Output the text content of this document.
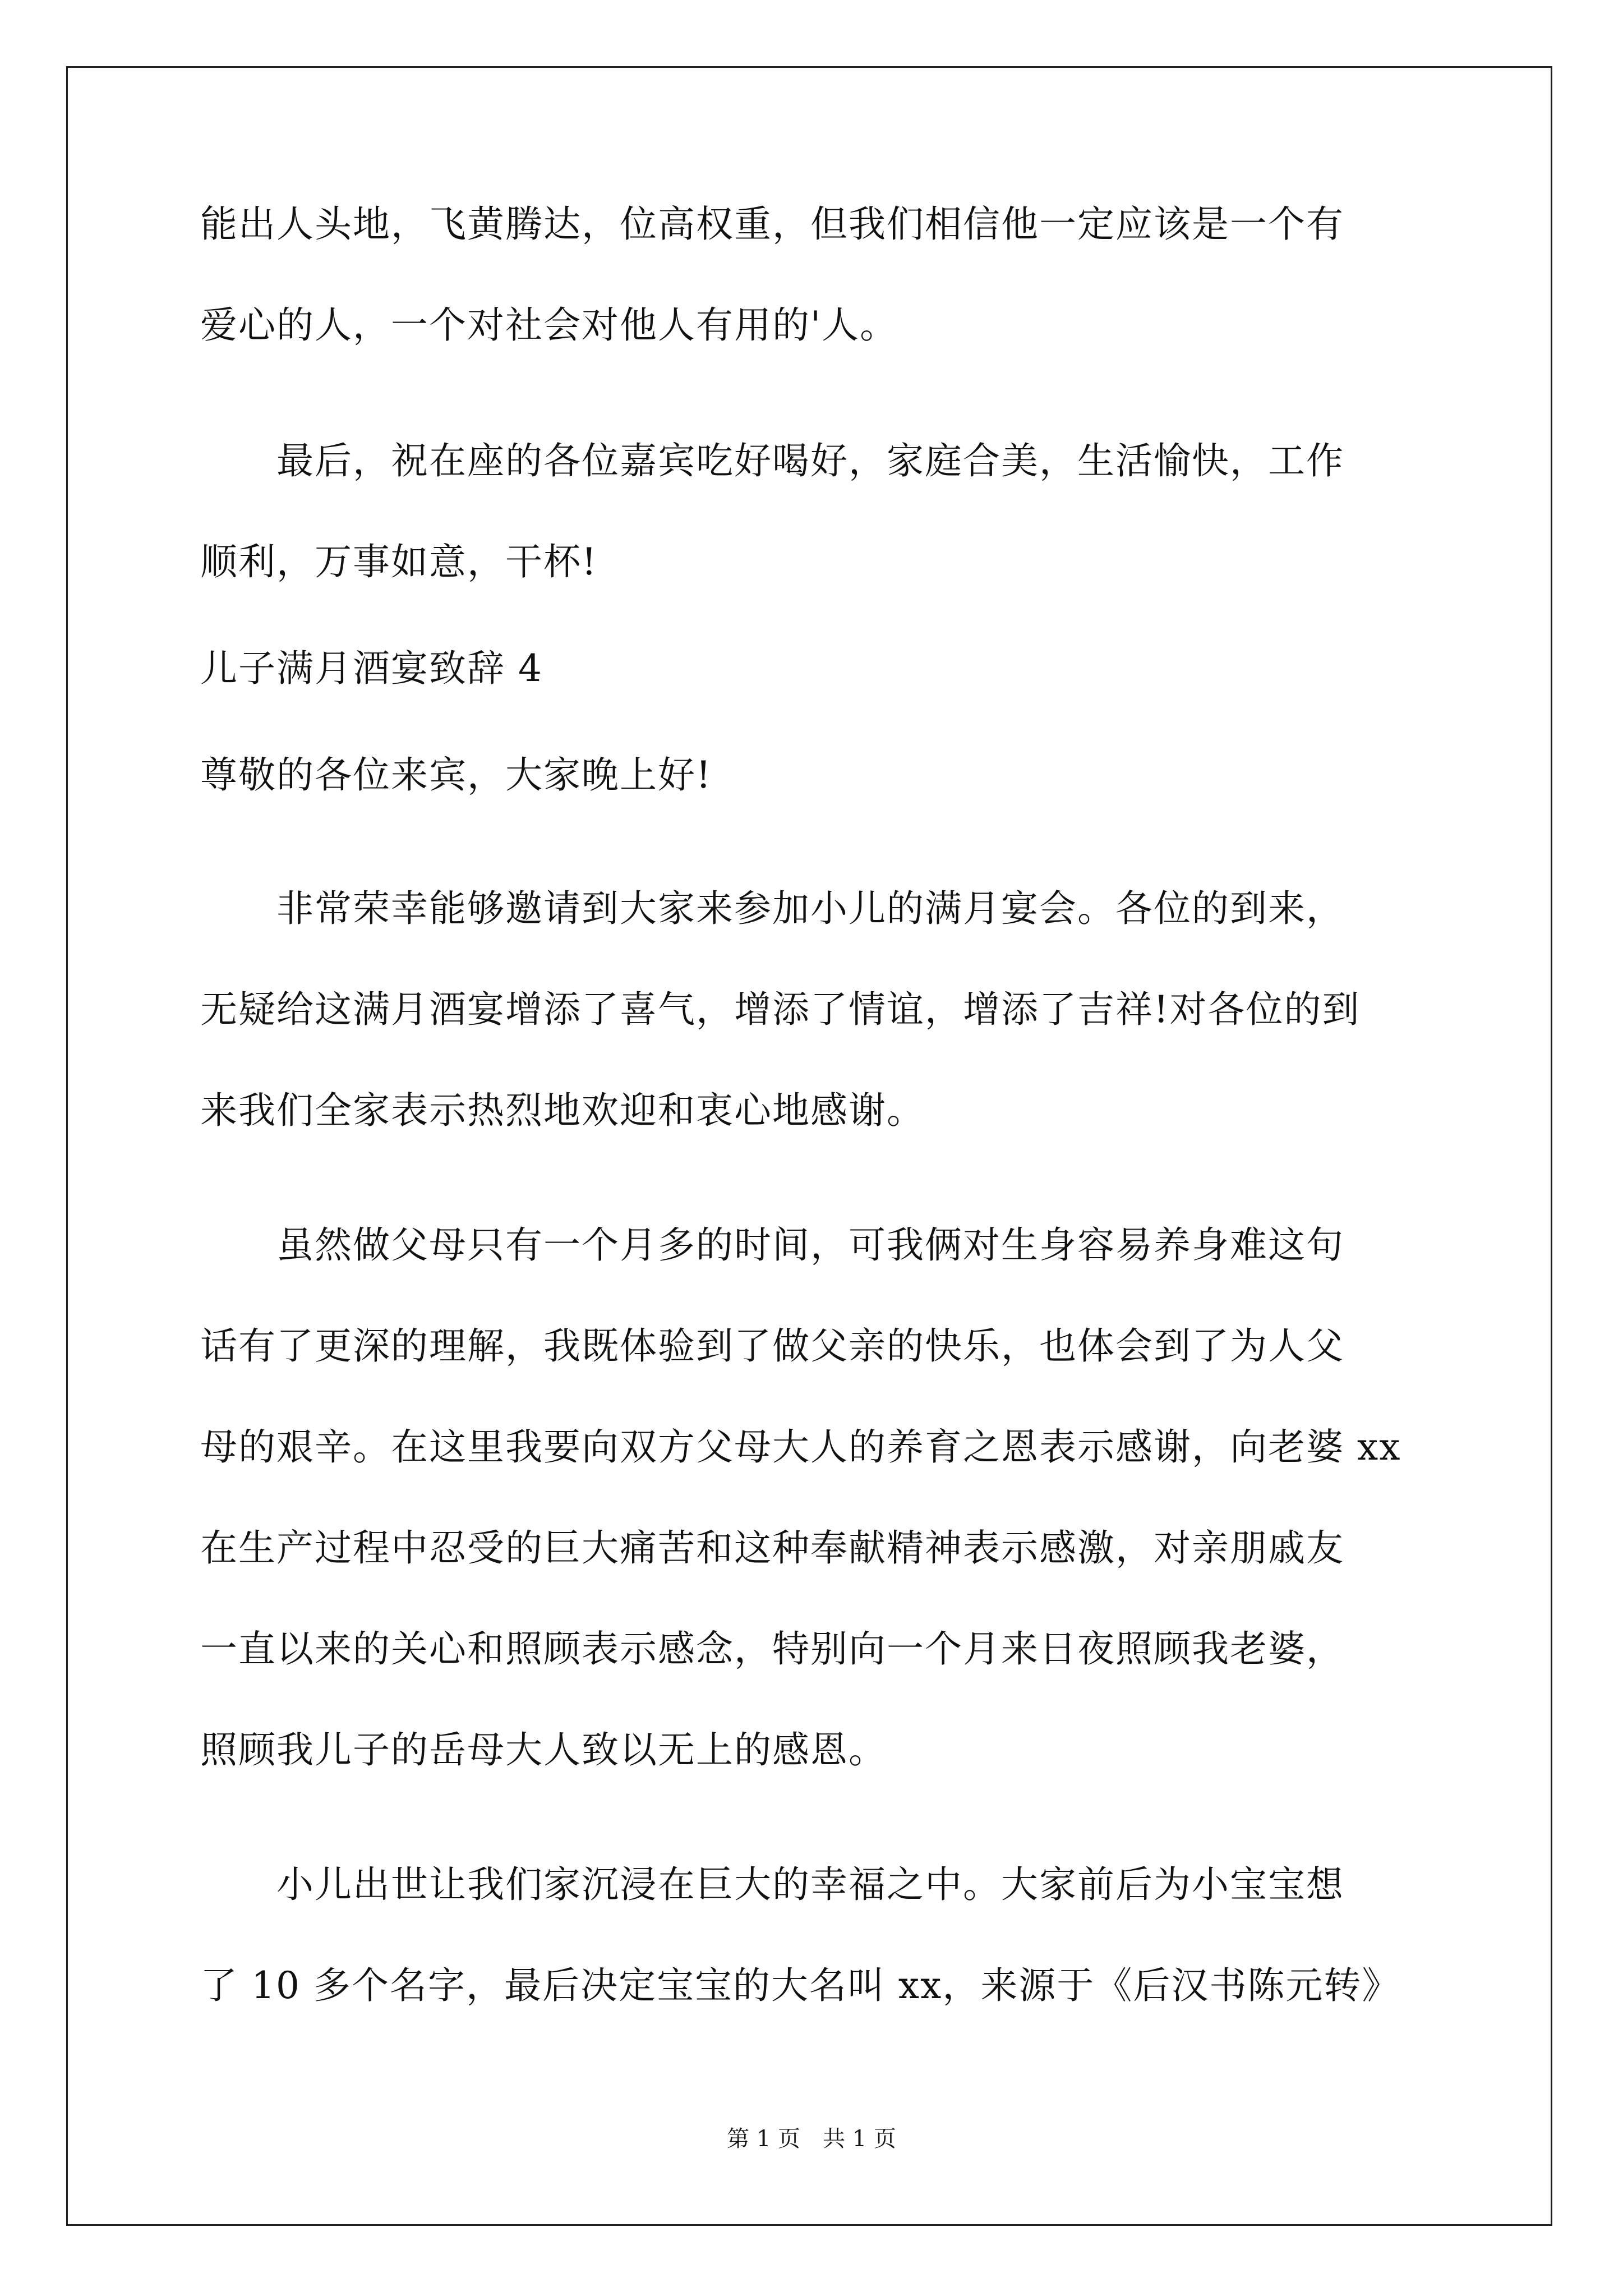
能出人头地，飞黄腾达，位高权重，但我们相信他一定应该是一个有
爱心的人，一个对社会对他人有用的'人。
　　最后，祝在座的各位嘉宾吃好喝好，家庭合美，生活愉快，工作
顺利，万事如意，干杯!
儿子满月酒宴致辞 4
尊敬的各位来宾，大家晚上好!
　　非常荣幸能够邀请到大家来参加小儿的满月宴会。各位的到来，
无疑给这满月酒宴增添了喜气，增添了情谊，增添了吉祥!对各位的到
来我们全家表示热烈地欢迎和衷心地感谢。
　　虽然做父母只有一个月多的时间，可我俩对生身容易养身难这句
话有了更深的理解，我既体验到了做父亲的快乐，也体会到了为人父
母的艰辛。在这里我要向双方父母大人的养育之恩表示感谢，向老婆 xx
在生产过程中忍受的巨大痛苦和这种奉献精神表示感激，对亲朋戚友
一直以来的关心和照顾表示感念，特别向一个月来日夜照顾我老婆，
照顾我儿子的岳母大人致以无上的感恩。
　　小儿出世让我们家沉浸在巨大的幸福之中。大家前后为小宝宝想
了 10 多个名字，最后决定宝宝的大名叫 xx，来源于《后汉书陈元转》
第 1 页　共 1 页
